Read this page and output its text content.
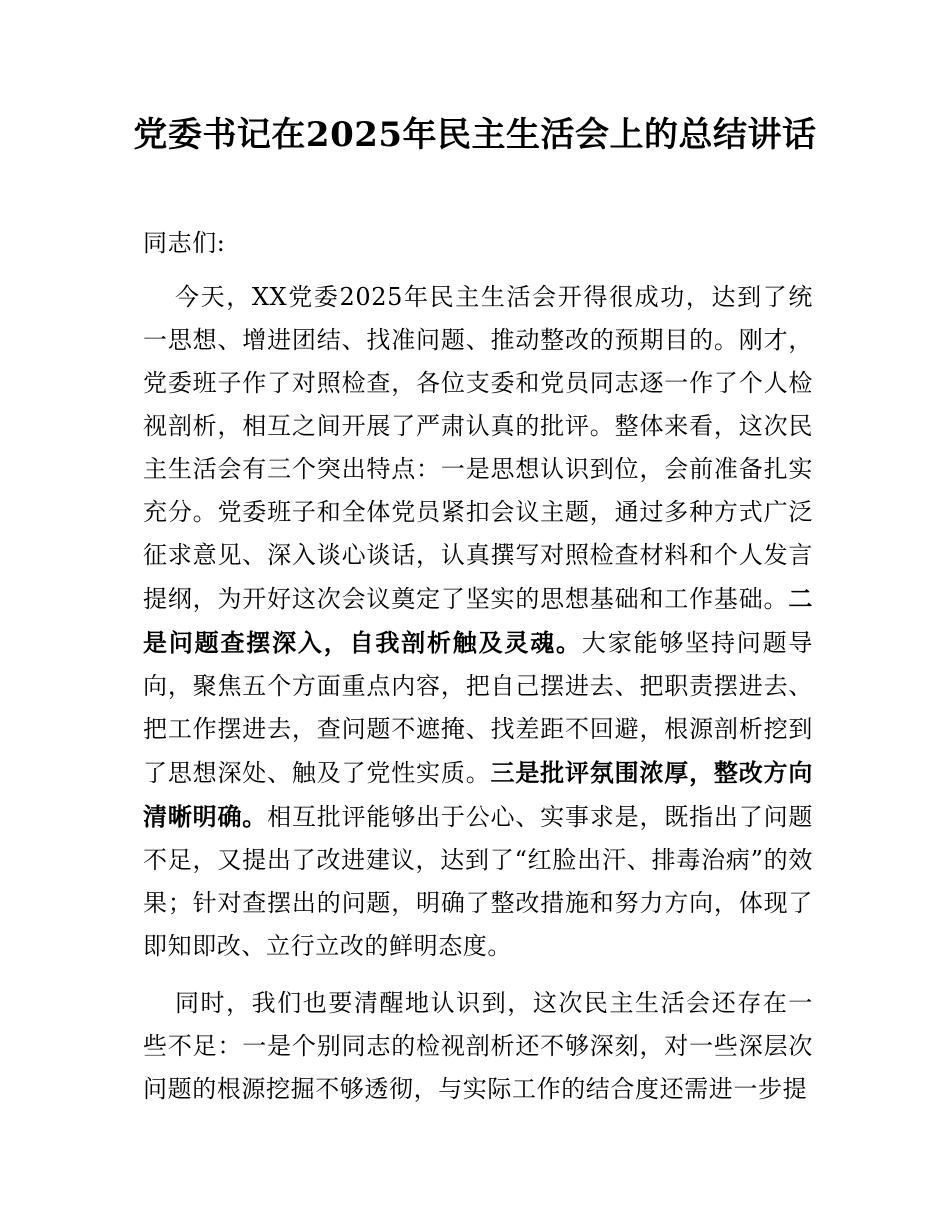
党委书记在2025年民主生活会上的总结讲话
同志们:

今天，XX党委2025年民主生活会开得很成功，达到了统一思想、增进团结、找准问题、推动整改的预期目的。刚才，党委班子作了对照检查，各位支委和党员同志逐一作了个人检视剖析，相互之间开展了严肃认真的批评。整体来看，这次民主生活会有三个突出特点：一是思想认识到位，会前准备扎实充分。党委班子和全体党员紧扣会议主题，通过多种方式广泛征求意见、深入谈心谈话，认真撰写对照检查材料和个人发言提纲，为开好这次会议奠定了坚实的思想基础和工作基础。二是问题查摆深入，自我剖析触及灵魂。大家能够坚持问题导向，聚焦五个方面重点内容，把自己摆进去、把职责摆进去、把工作摆进去，查问题不遮掩、找差距不回避，根源剖析挖到了思想深处、触及了党性实质。三是批评氛围浓厚，整改方向清晰明确。相互批评能够出于公心、实事求是，既指出了问题不足，又提出了改进建议，达到了“红脸出汗、排毒治病”的效果；针对查摆出的问题，明确了整改措施和努力方向，体现了即知即改、立行立改的鲜明态度。

同时，我们也要清醒地认识到，这次民主生活会还存在一些不足：一是个别同志的检视剖析还不够深刻，对一些深层次问题的根源挖掘不够透彻，与实际工作的结合度还需进一步提
